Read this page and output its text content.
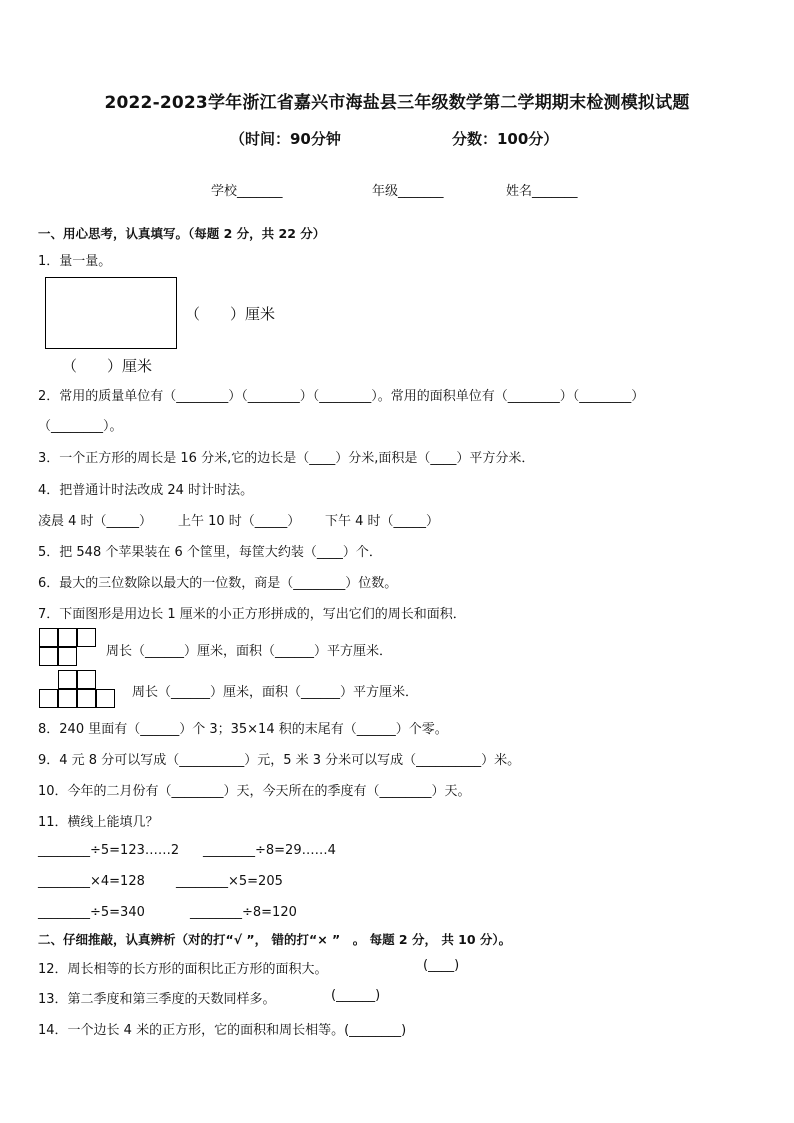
2022-2023学年浙江省嘉兴市海盐县三年级数学第二学期期末检测模拟试题
（时间：90分钟	分数：100分）
学校_______	年级_______	姓名_______
一、用心思考，认真填写。（每题 2 分，共 22 分）
1．量一量。
（　　）厘米
（　　）厘米
2．常用的质量单位有（________）（________）（________）。常用的面积单位有（________）（________）
（________）。
3．一个正方形的周长是 16 分米,它的边长是（____）分米,面积是（____）平方分米．
4．把普通计时法改成 24 时计时法。
凌晨 4 时（_____） 上午 10 时（_____） 下午 4 时（_____）
5．把 548 个苹果装在 6 个筐里，每筐大约装（____）个．
6．最大的三位数除以最大的一位数，商是（________）位数。
7．下面图形是用边长 1 厘米的小正方形拼成的，写出它们的周长和面积．
周长（______）厘米，面积（______）平方厘米．
周长（______）厘米，面积（______）平方厘米．
8．240 里面有（______）个 3；35×14 积的末尾有（______）个零。
9．4 元 8 分可以写成（__________）元，5 米 3 分米可以写成（__________）米。
10．今年的二月份有（________）天，今天所在的季度有（________）天。
11．横线上能填几？
________÷5=123……2 ________÷8=29……4
________×4=128 ________×5=205
________÷5=340	________÷8=120
二、仔细推敲，认真辨析（对的打“√ ”， 错的打“× ”　。 每题 2 分， 共 10 分）。
12．周长相等的长方形的面积比正方形的面积大。	(____)
13．第二季度和第三季度的天数同样多。	(______)
14．一个边长 4 米的正方形，它的面积和周长相等。(________)
